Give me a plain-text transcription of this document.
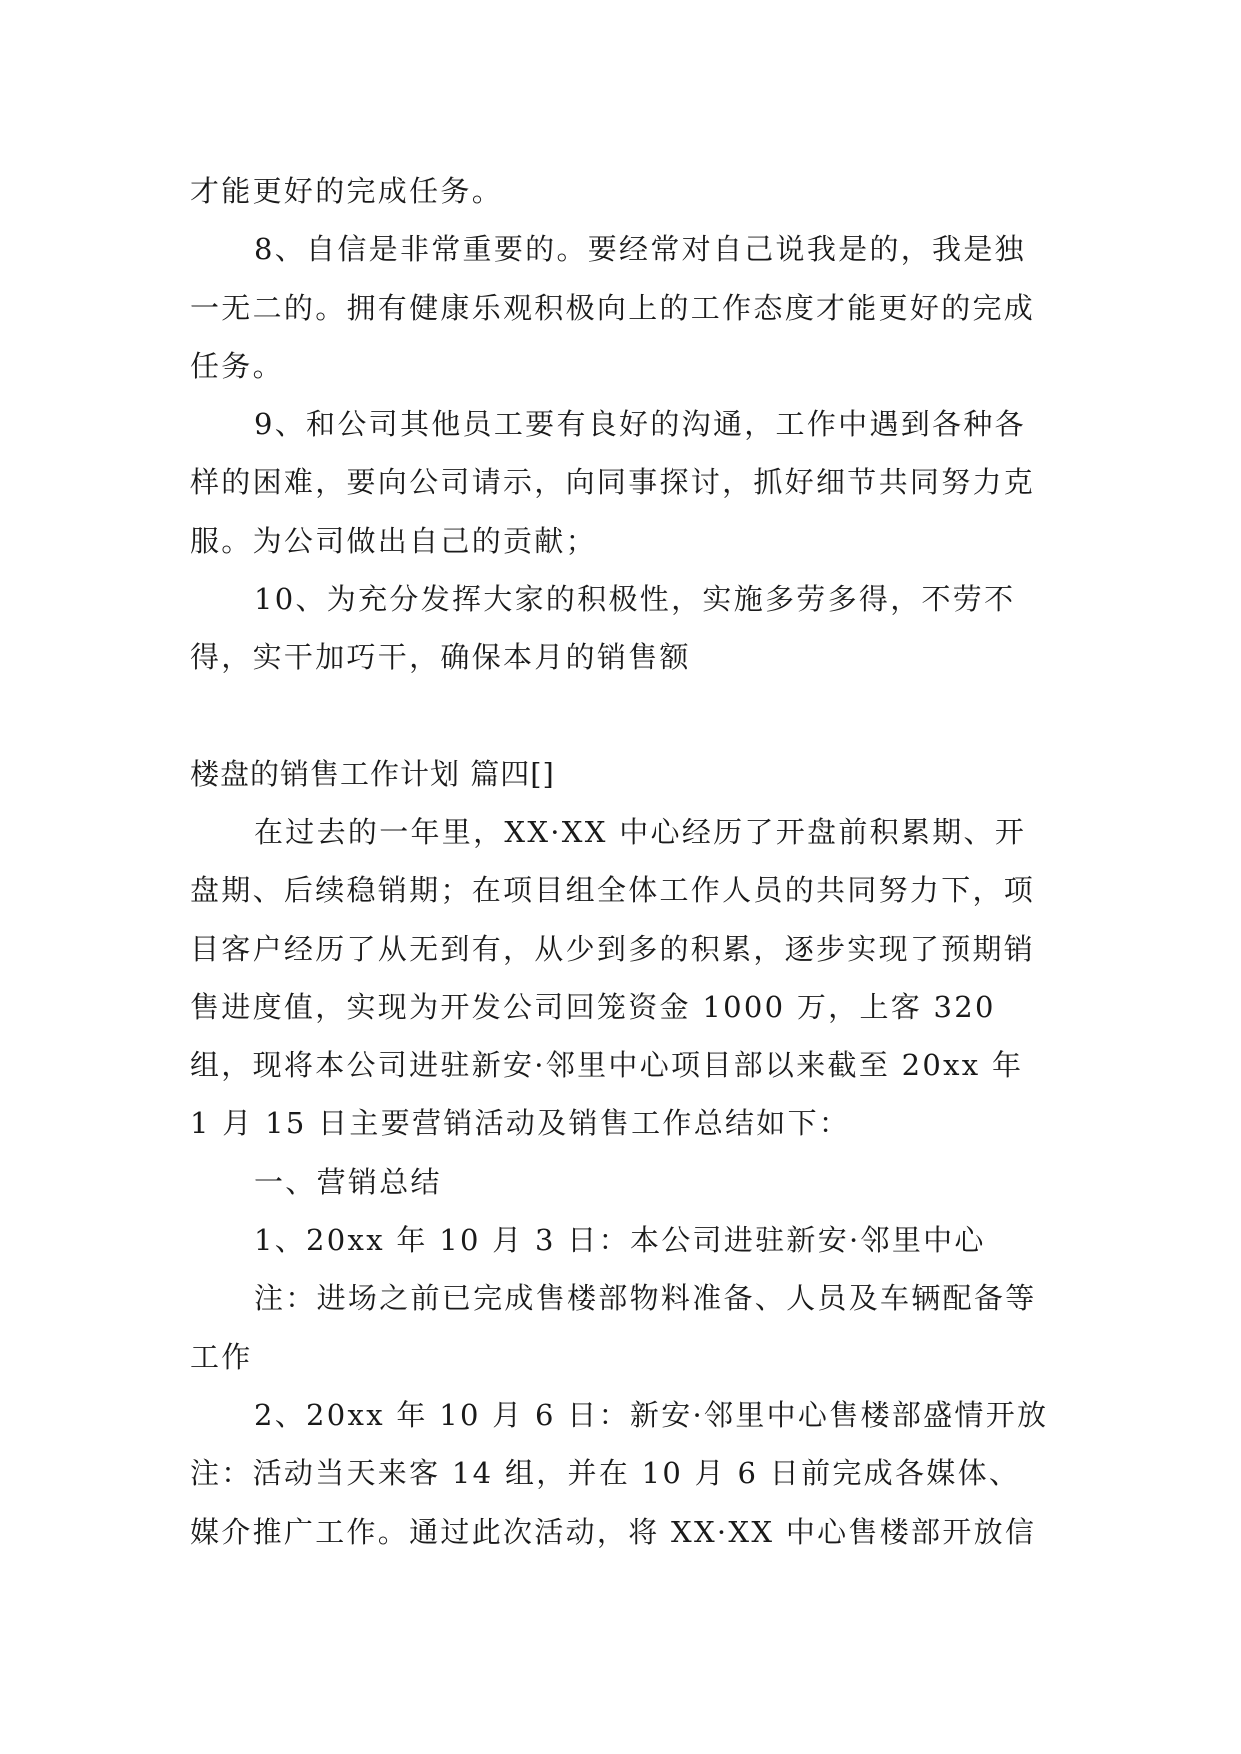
才能更好的完成任务。

8、自信是非常重要的。要经常对自己说我是的，我是独一无二的。拥有健康乐观积极向上的工作态度才能更好的完成任务。

9、和公司其他员工要有良好的沟通，工作中遇到各种各样的困难，要向公司请示，向同事探讨，抓好细节共同努力克服。为公司做出自己的贡献；

10、为充分发挥大家的积极性，实施多劳多得，不劳不得，实干加巧干，确保本月的销售额

楼盘的销售工作计划 篇四[]

在过去的一年里，XX·XX 中心经历了开盘前积累期、开盘期、后续稳销期；在项目组全体工作人员的共同努力下，项目客户经历了从无到有，从少到多的积累，逐步实现了预期销售进度值，实现为开发公司回笼资金 1000 万，上客 320 组，现将本公司进驻新安·邻里中心项目部以来截至 20xx 年 1 月 15 日主要营销活动及销售工作总结如下：

一、营销总结

1、20xx 年 10 月 3 日：本公司进驻新安·邻里中心

注：进场之前已完成售楼部物料准备、人员及车辆配备等工作

2、20xx 年 10 月 6 日：新安·邻里中心售楼部盛情开放

注：活动当天来客 14 组，并在 10 月 6 日前完成各媒体、媒介推广工作。通过此次活动，将 XX·XX 中心售楼部开放信
